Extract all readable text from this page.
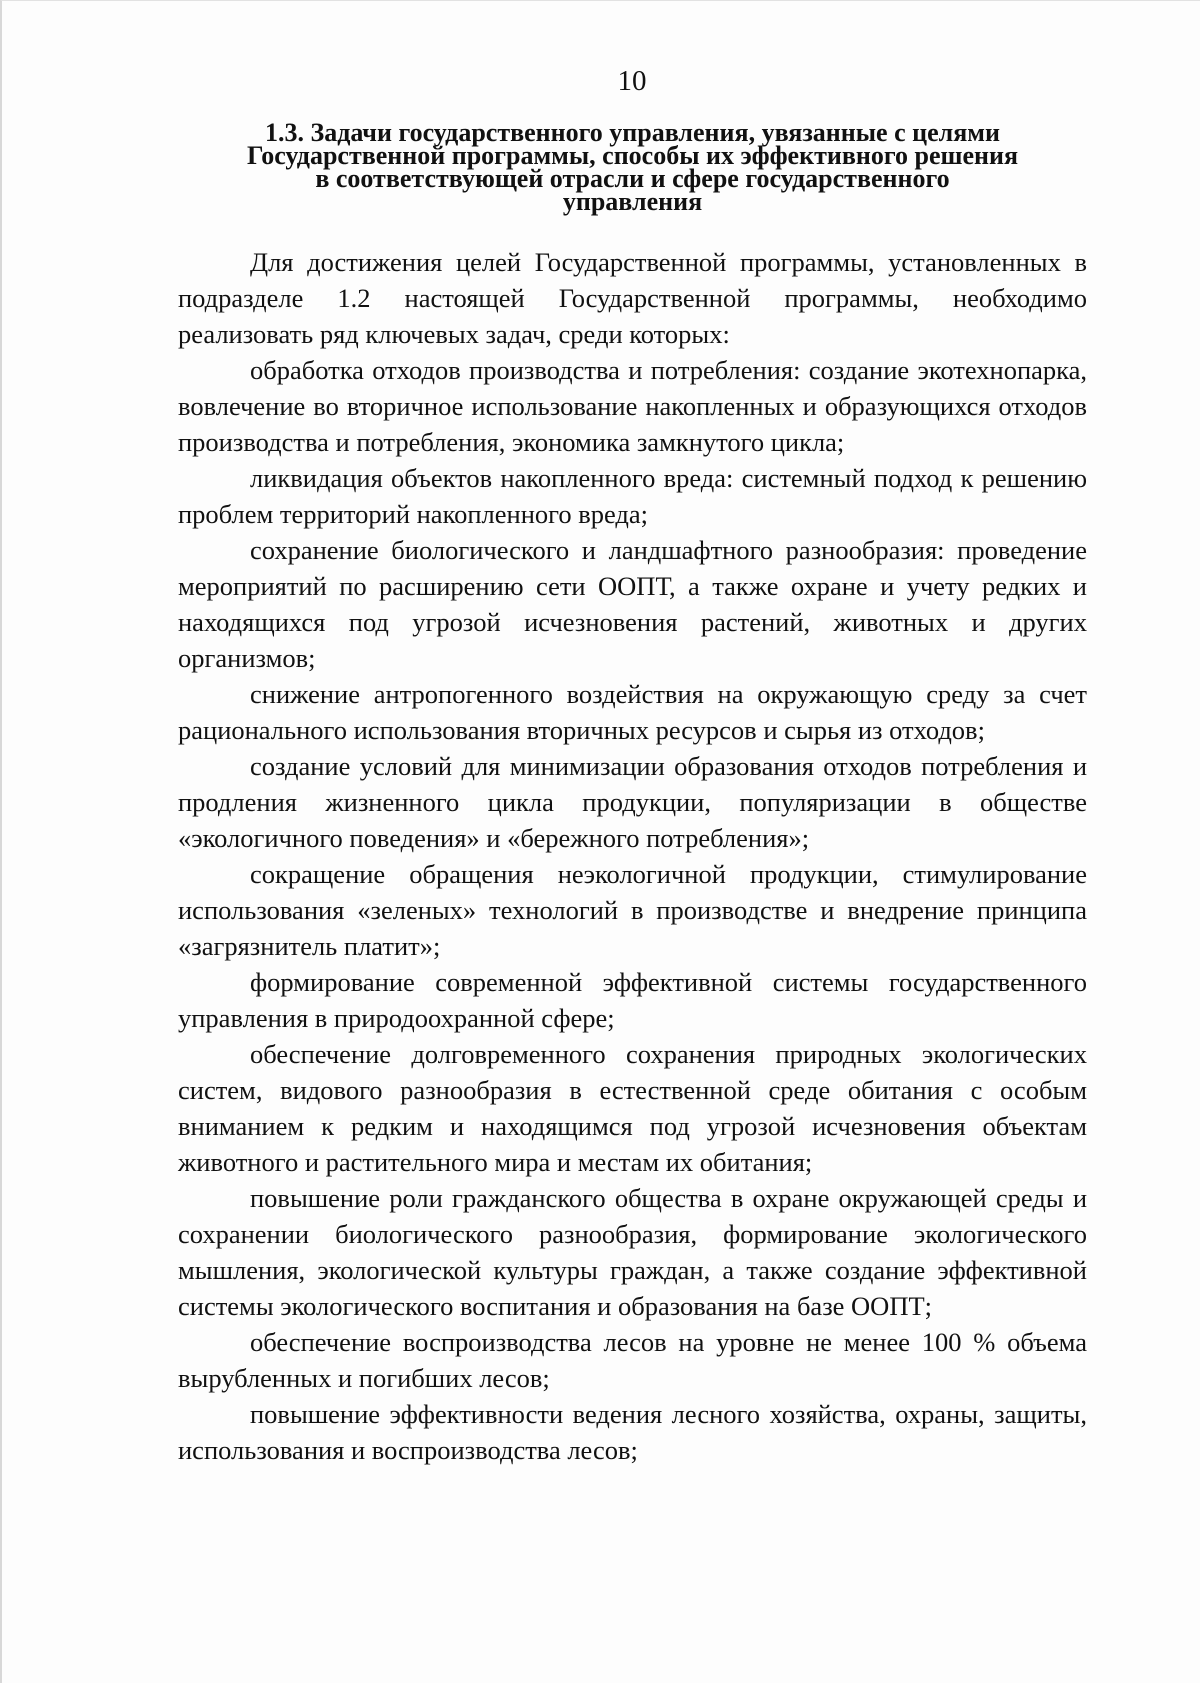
10
1.3. Задачи государственного управления, увязанные с целями
Государственной программы, способы их эффективного решения
в соответствующей отрасли и сфере государственного
управления

Для достижения целей Государственной программы, установленных в подразделе 1.2 настоящей Государственной программы, необходимо реализовать ряд ключевых задач, среди которых:

обработка отходов производства и потребления: создание экотехнопарка, вовлечение во вторичное использование накопленных и образующихся отходов производства и потребления, экономика замкнутого цикла;

ликвидация объектов накопленного вреда: системный подход к решению проблем территорий накопленного вреда;

сохранение биологического и ландшафтного разнообразия: проведение мероприятий по расширению сети ООПТ, а также охране и учету редких и находящихся под угрозой исчезновения растений, животных и других организмов;

снижение антропогенного воздействия на окружающую среду за счет рационального использования вторичных ресурсов и сырья из отходов;

создание условий для минимизации образования отходов потребления и продления жизненного цикла продукции, популяризации в обществе «экологичного поведения» и «бережного потребления»;

сокращение обращения неэкологичной продукции, стимулирование использования «зеленых» технологий в производстве и внедрение принципа «загрязнитель платит»;

формирование современной эффективной системы государственного управления в природоохранной сфере;

обеспечение долговременного сохранения природных экологических систем, видового разнообразия в естественной среде обитания с особым вниманием к редким и находящимся под угрозой исчезновения объектам животного и растительного мира и местам их обитания;

повышение роли гражданского общества в охране окружающей среды и сохранении биологического разнообразия, формирование экологического мышления, экологической культуры граждан, а также создание эффективной системы экологического воспитания и образования на базе ООПТ;

обеспечение воспроизводства лесов на уровне не менее 100 % объема вырубленных и погибших лесов;

повышение эффективности ведения лесного хозяйства, охраны, защиты, использования и воспроизводства лесов;
